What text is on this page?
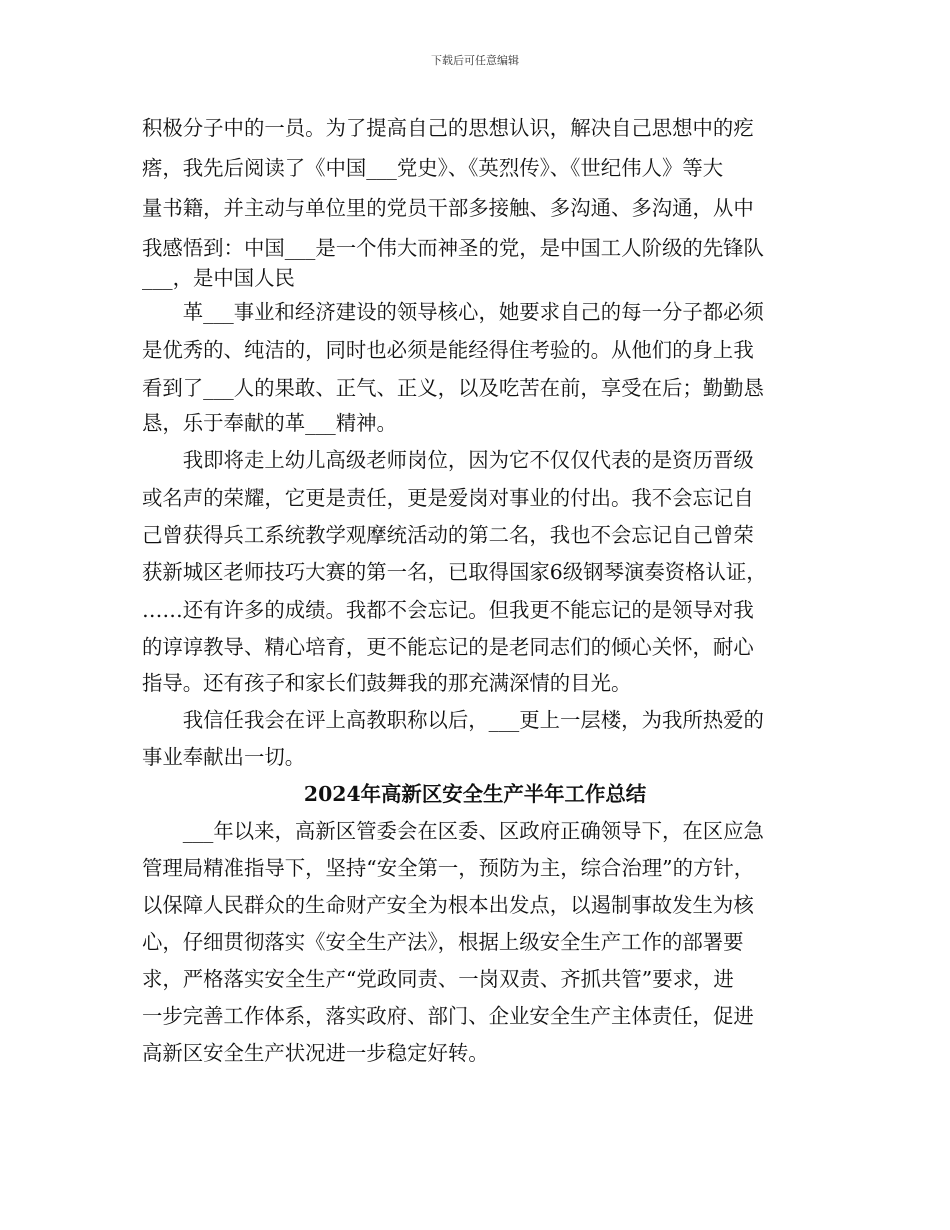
下载后可任意编辑
积极分子中的一员。为了提高自己的思想认识，解决自己思想中的疙
瘩，我先后阅读了《中国___党史》、《英烈传》、《世纪伟人》等大
量书籍，并主动与单位里的党员干部多接触、多沟通、多沟通，从中
我感悟到：中国___是一个伟大而神圣的党，是中国工人阶级的先锋队
___，是中国人民
　　革___事业和经济建设的领导核心，她要求自己的每一分子都必须
是优秀的、纯洁的，同时也必须是能经得住考验的。从他们的身上我
看到了___人的果敢、正气、正义，以及吃苦在前，享受在后；勤勤恳
恳，乐于奉献的革___精神。
　　我即将走上幼儿高级老师岗位，因为它不仅仅代表的是资历晋级
或名声的荣耀，它更是责任，更是爱岗对事业的付出。我不会忘记自
己曾获得兵工系统教学观摩统活动的第二名，我也不会忘记自己曾荣
获新城区老师技巧大赛的第一名，已取得国家6级钢琴演奏资格认证，
……还有许多的成绩。我都不会忘记。但我更不能忘记的是领导对我
的谆谆教导、精心培育，更不能忘记的是老同志们的倾心关怀，耐心
指导。还有孩子和家长们鼓舞我的那充满深情的目光。
　　我信任我会在评上高教职称以后，___更上一层楼，为我所热爱的
事业奉献出一切。
2024年高新区安全生产半年工作总结
　　___年以来，高新区管委会在区委、区政府正确领导下，在区应急
管理局精准指导下，坚持“安全第一，预防为主，综合治理”的方针，
以保障人民群众的生命财产安全为根本出发点，以遏制事故发生为核
心，仔细贯彻落实《安全生产法》，根据上级安全生产工作的部署要
求，严格落实安全生产“党政同责、一岗双责、齐抓共管”要求，进
一步完善工作体系，落实政府、部门、企业安全生产主体责任，促进
高新区安全生产状况进一步稳定好转。
